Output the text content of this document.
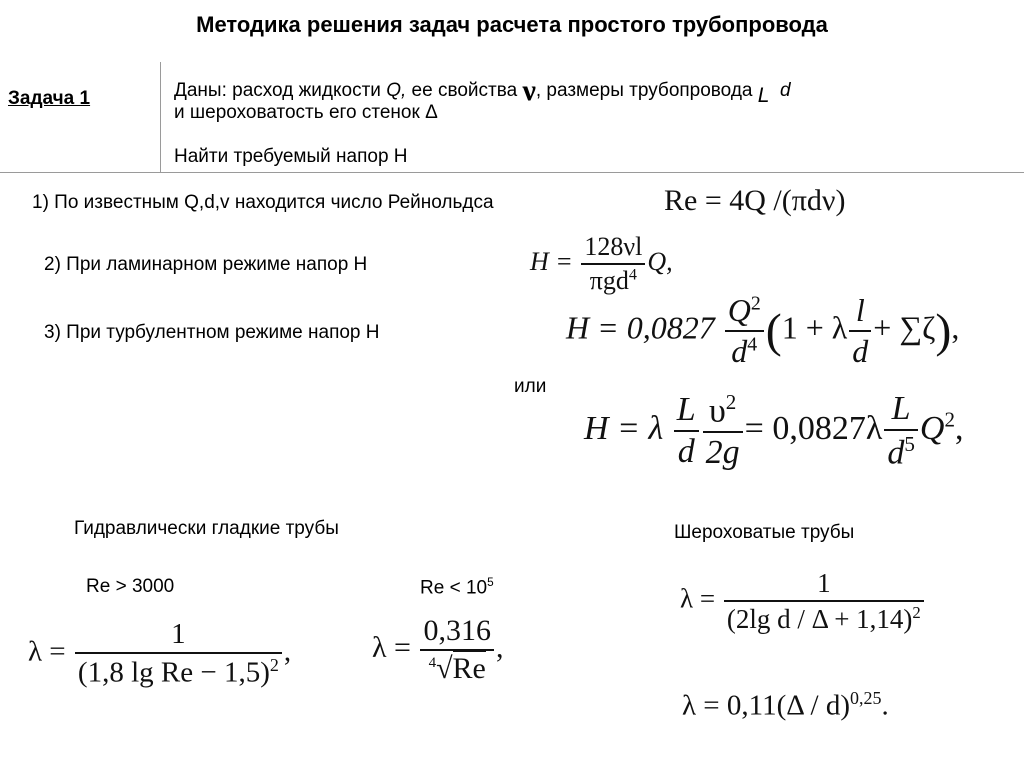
Методика решения задач расчета простого трубопровода
Задача 1	Даны: расход жидкости Q, ее свойства ν, размеры трубопровода L d
и шероховатость его стенок Δ
Найти требуемый напор H
1) По известным Q,d,v находится число Рейнольдса	Re = 4Q /(πdν)
2) При ламинарном режиме напор H	$H = \frac{128\nu l}{\pi gd^4} Q$,
3) При турбулентном режиме напор H	$H = 0,0827 \frac{Q^2}{d^4} (1 + \lambda \frac{l}{d} + \sum\zeta)$,
или
H = λ $\frac{L}{d} \frac{\upsilon^2}{2g} = 0,0827\lambda \frac{L}{d^5} Q^2$,
Гидравлически гладкие трубы
Re > 3000	$Re < 10^5$
$\lambda = \frac{1}{(1,8 \lg Re - 1,5)^2}$ ,	$\lambda = \frac{0,316}{^4√Re}$ ,
Шероховатые трубы
$\lambda = \frac{1}{(2\lg d / \Delta + 1,14)^2}$
λ = 0,11(Δ / d)$^{0,25}$.
